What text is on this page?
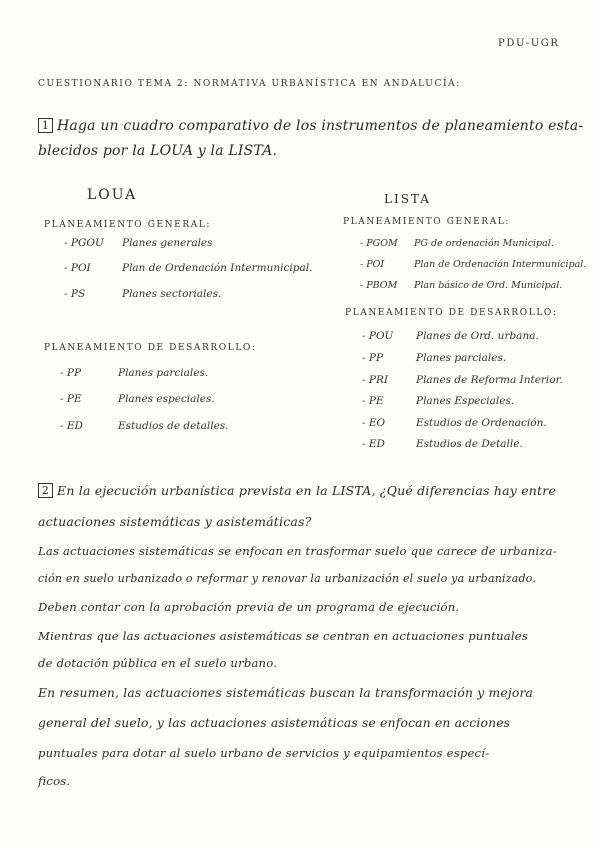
PDU-UGR
CUESTIONARIO TEMA 2: NORMATIVA URBANÍSTICA EN ANDALUCÍA:
1 Haga un cuadro comparativo de los instrumentos de planeamiento esta-
blecidos por la LOUA y la LISTA.
LOUA
PLANEAMIENTO GENERAL:
- PGOU Planes generales
- POI	Plan de Ordenación Intermunicipal.
- PS	Planes sectoriales.
PLANEAMIENTO DE DESARROLLO:
- PP	Planes parciales.
- PE	Planes especiales.
- ED	Estudios de detalles.
LISTA
PLANEAMIENTO GENERAL:
- PGOM PG de ordenación Municipal.
- POI	Plan de Ordenación Intermunicipal.
- PBOM Plan básico de Ord. Municipal.
PLANEAMIENTO DE DESARROLLO:
- POU Planes de Ord. urbana.
- PP	Planes parciales.
- PRI	Planes de Reforma Interior.
- PE	Planes Especiales.
- EO	Estudios de Ordenación.
- ED	Estudios de Detalle.
2 En la ejecución urbanística prevista en la LISTA, ¿Qué diferencias hay entre
actuaciones sistemáticas y asistemáticas?
Las actuaciones sistemáticas se enfocan en trasformar suelo que carece de urbaniza-
ción en suelo urbanizado o reformar y renovar la urbanización el suelo ya urbanizado.
Deben contar con la aprobación previa de un programa de ejecución.
Mientras que las actuaciones asistemáticas se centran en actuaciones puntuales
de dotación pública en el suelo urbano.
En resumen, las actuaciones sistemáticas buscan la transformación y mejora
general del suelo, y las actuaciones asistemáticas se enfocan en acciones
puntuales para dotar al suelo urbano de servicios y equipamientos especí-
ficos.
